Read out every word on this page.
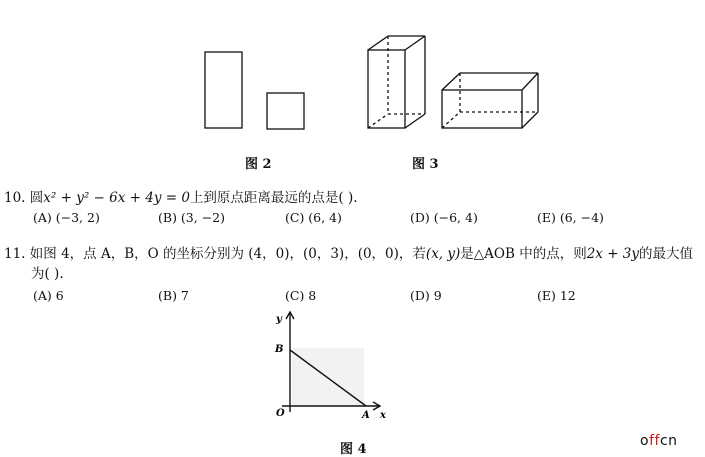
图 2	图 3
10. 圆x² + y² − 6x + 4y = 0上到原点距离最远的点是( ).
(A) (−3, 2)	(B) (3, −2)	(C) (6, 4)	(D) (−6, 4)	(E) (6, −4)
11. 如图 4，点 A，B，O 的坐标分别为 (4，0)，(0，3)，(0，0)，若(x, y)是△AOB 中的点，则2x + 3y的最大值
为( ).
(A) 6	(B) 7	(C) 8	(D) 9	(E) 12
y
B
O	A x
图 4
offcn
